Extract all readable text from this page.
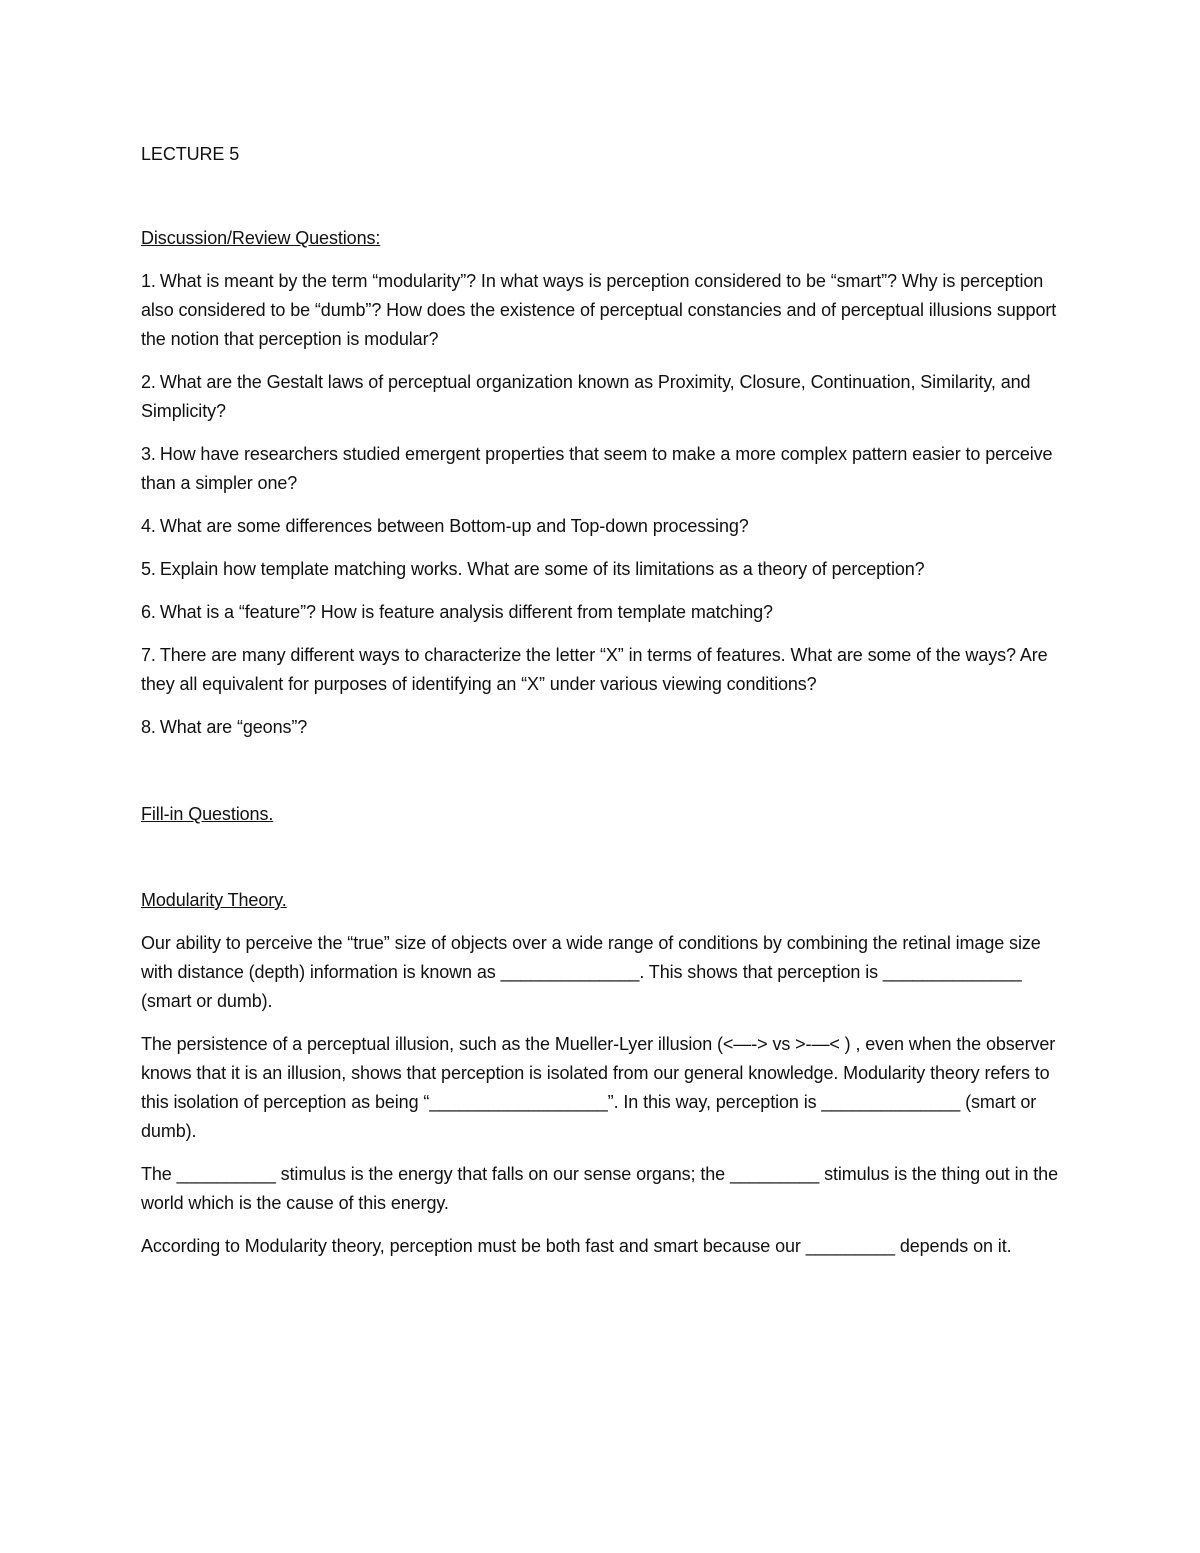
LECTURE 5
Discussion/Review Questions:
1. What is meant by the term “modularity”? In what ways is perception considered to be “smart”? Why is perception also considered to be “dumb”? How does the existence of perceptual constancies and of perceptual illusions support the notion that perception is modular?
2. What are the Gestalt laws of perceptual organization known as Proximity, Closure, Continuation, Similarity, and Simplicity?
3. How have researchers studied emergent properties that seem to make a more complex pattern easier to perceive than a simpler one?
4. What are some differences between Bottom-up and Top-down processing?
5. Explain how template matching works. What are some of its limitations as a theory of perception?
6. What is a “feature”? How is feature analysis different from template matching?
7. There are many different ways to characterize the letter “X” in terms of features. What are some of the ways? Are they all equivalent for purposes of identifying an “X” under various viewing conditions?
8. What are “geons”?
Fill-in Questions.
Modularity Theory.
Our ability to perceive the “true” size of objects over a wide range of conditions by combining the retinal image size with distance (depth) information is known as ______________. This shows that perception is ______________ (smart or dumb).
The persistence of a perceptual illusion, such as the Mueller-Lyer illusion (<—-> vs >-—< ) , even when the observer knows that it is an illusion, shows that perception is isolated from our general knowledge. Modularity theory refers to this isolation of perception as being “__________________”. In this way, perception is ______________ (smart or dumb).
The __________ stimulus is the energy that falls on our sense organs; the _________ stimulus is the thing out in the world which is the cause of this energy.
According to Modularity theory, perception must be both fast and smart because our _________ depends on it.
